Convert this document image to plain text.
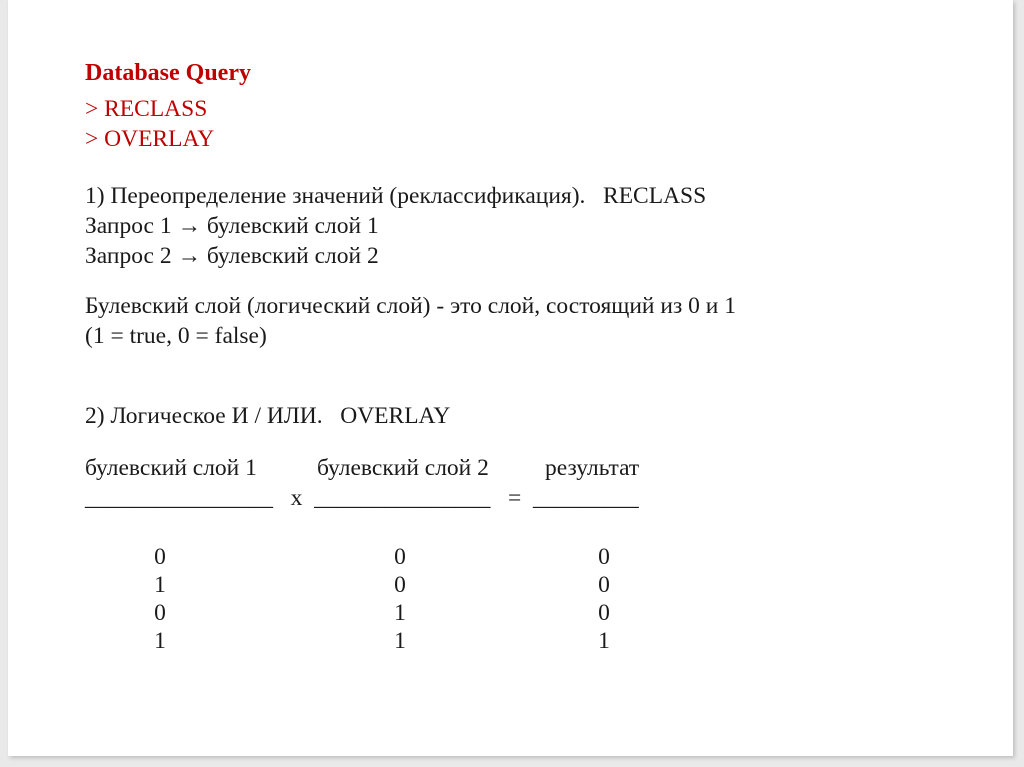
Database Query
> RECLASS
> OVERLAY
1) Переопределение значений (реклассификация).   RECLASS
Запрос 1 → булевский слой 1
Запрос 2 → булевский слой 2
Булевский слой (логический слой) - это слой, состоящий из 0 и 1
(1 = true, 0 = false)
2) Логическое И / ИЛИ.   OVERLAY
булевский слой 1	булевский слой 2 результат
________________   x  _______________   =  _________
0	0	0
1	0	0
0	1	0
1	1	1
